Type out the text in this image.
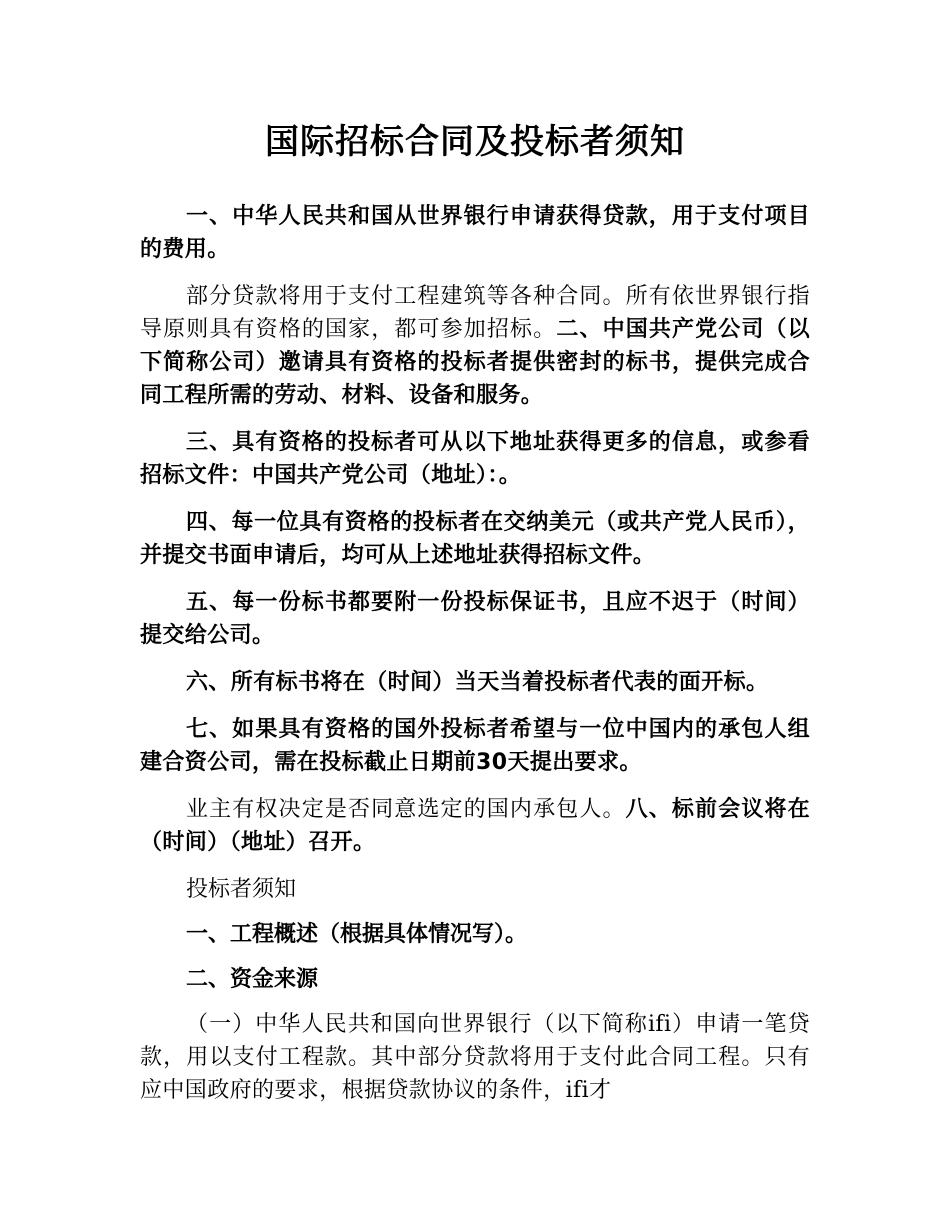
国际招标合同及投标者须知

一、中华人民共和国从世界银行申请获得贷款，用于支付项目的费用。

部分贷款将用于支付工程建筑等各种合同。所有依世界银行指导原则具有资格的国家，都可参加招标。二、中国共产党公司（以下简称公司）邀请具有资格的投标者提供密封的标书，提供完成合同工程所需的劳动、材料、设备和服务。

三、具有资格的投标者可从以下地址获得更多的信息，或参看招标文件：中国共产党公司（地址）：。

四、每一位具有资格的投标者在交纳美元（或共产党人民币），并提交书面申请后，均可从上述地址获得招标文件。

五、每一份标书都要附一份投标保证书，且应不迟于（时间）提交给公司。

六、所有标书将在（时间）当天当着投标者代表的面开标。

七、如果具有资格的国外投标者希望与一位中国内的承包人组建合资公司，需在投标截止日期前30天提出要求。

业主有权决定是否同意选定的国内承包人。八、标前会议将在（时间）（地址）召开。

投标者须知

一、工程概述（根据具体情况写）。

二、资金来源

（一）中华人民共和国向世界银行（以下简称ifi）申请一笔贷款，用以支付工程款。其中部分贷款将用于支付此合同工程。只有应中国政府的要求，根据贷款协议的条件，ifi才
